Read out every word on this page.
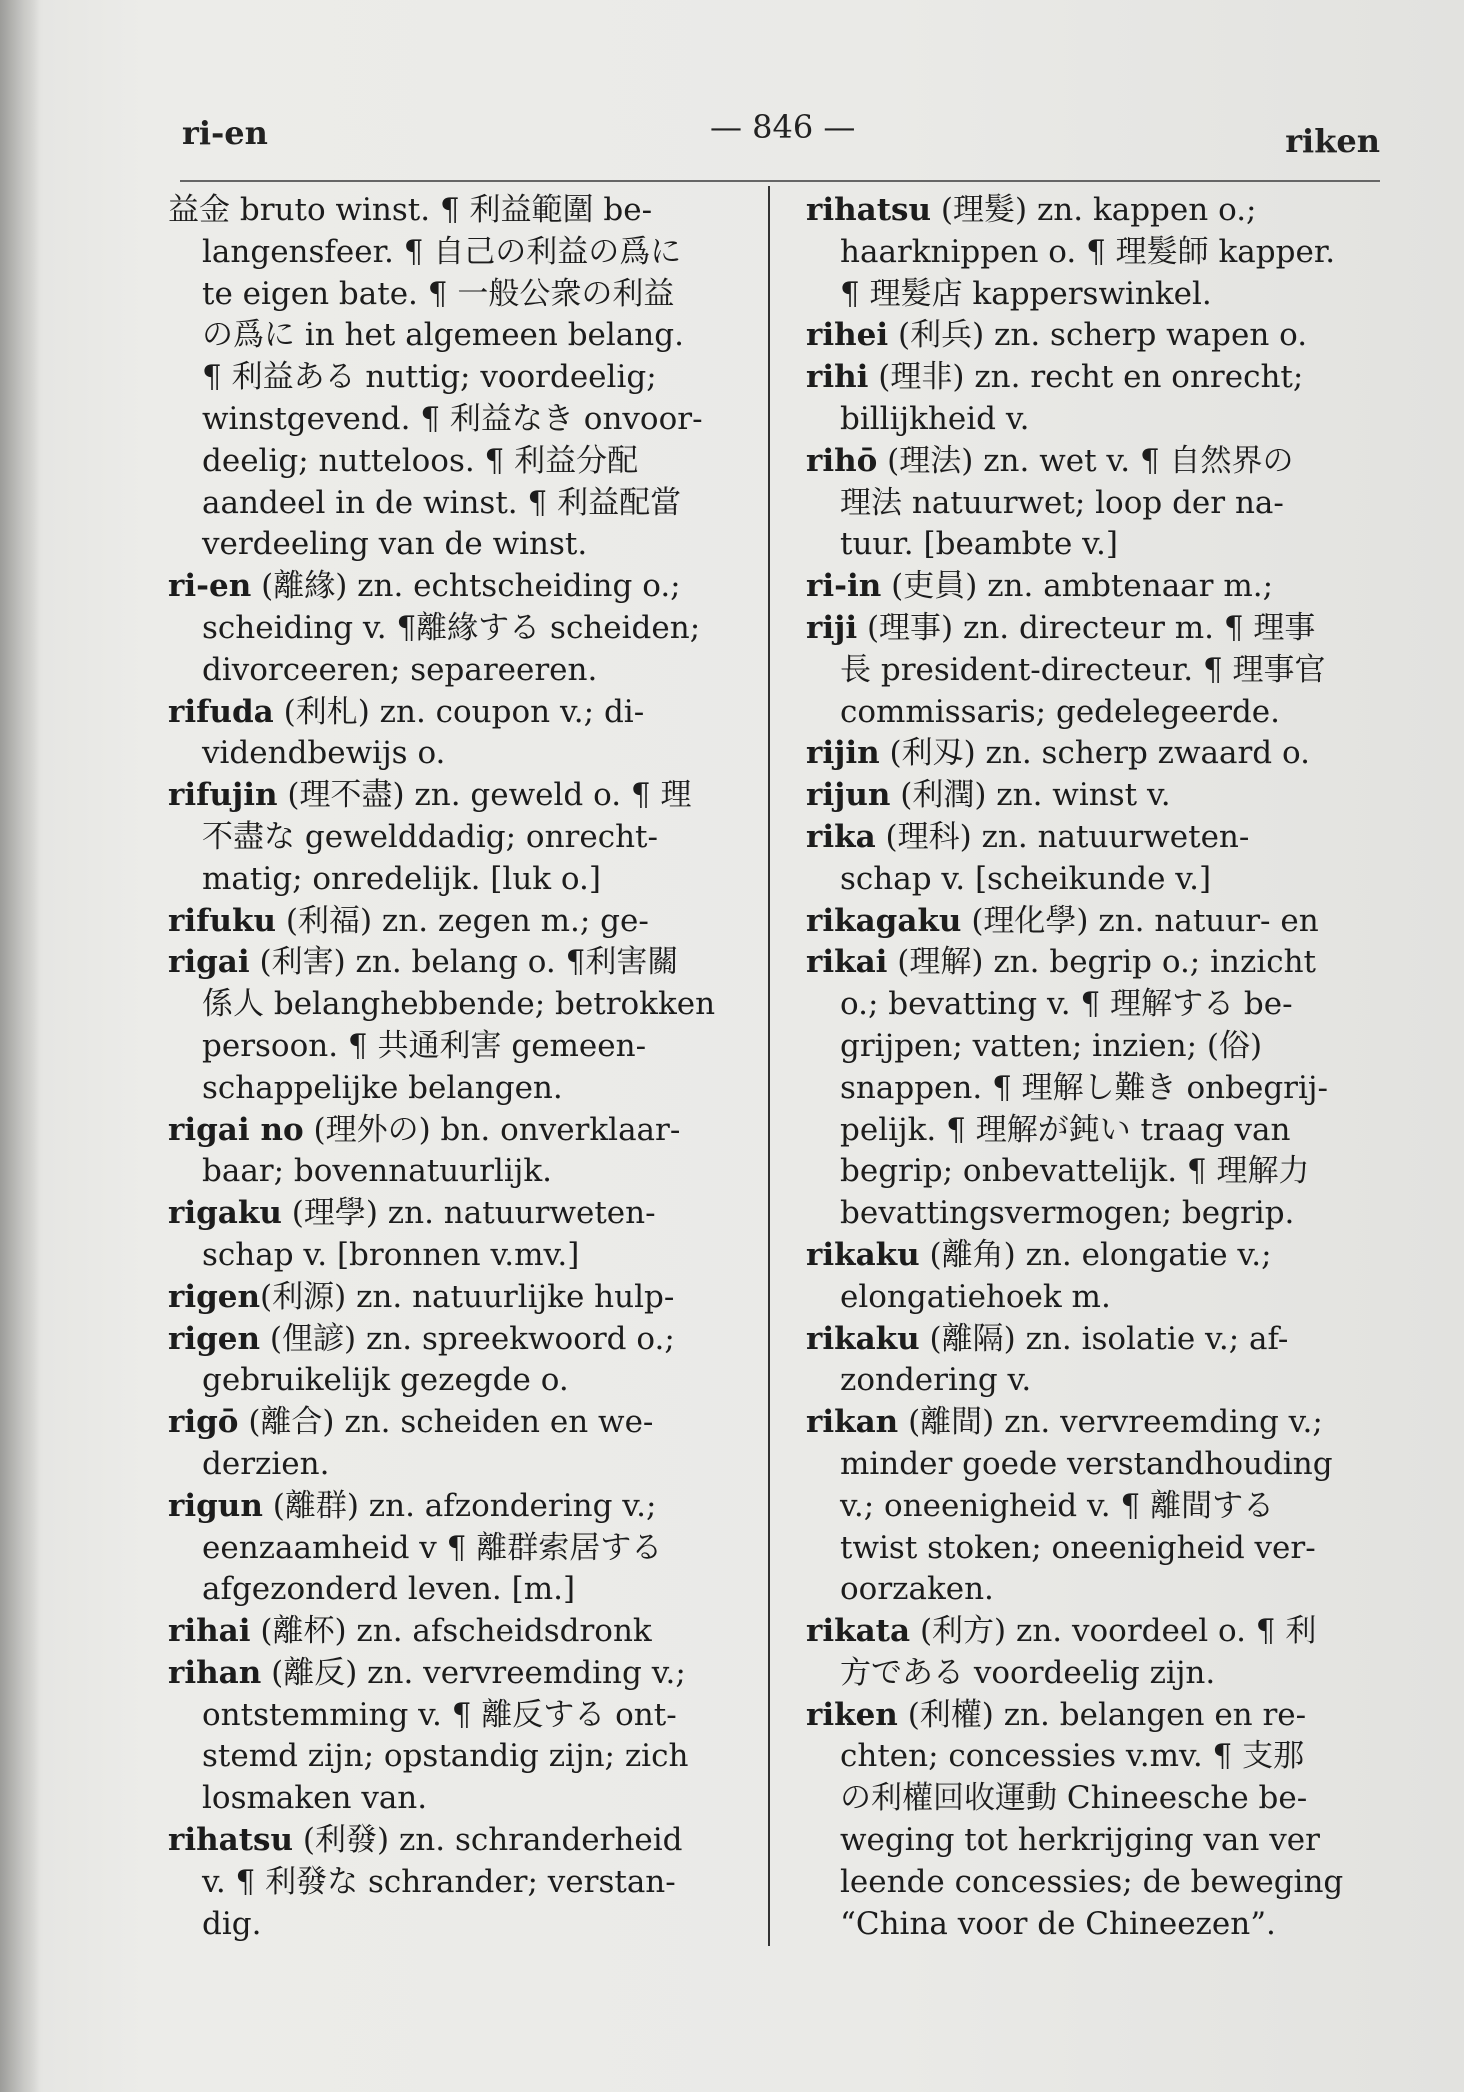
ri-en	— 846 —	riken
益金 bruto winst. ¶ 利益範圍 be-
langensfeer. ¶ 自己の利益の爲に
te eigen bate. ¶ 一般公衆の利益
の爲に in het algemeen belang.
¶ 利益ある nuttig; voordeelig;
winstgevend. ¶ 利益なき onvoor-
deelig; nutteloos. ¶ 利益分配
aandeel in de winst. ¶ 利益配當
verdeeling van de winst.
ri-en (離緣) zn. echtscheiding o.;
scheiding v. ¶離緣する scheiden;
divorceeren; separeeren.
rifuda (利札) zn. coupon v.; di-
videndbewijs o.
rifujin (理不盡) zn. geweld o. ¶ 理
不盡な gewelddadig; onrecht-
matig; onredelijk. [luk o.]
rifuku (利福) zn. zegen m.; ge-
rigai (利害) zn. belang o. ¶利害關
係人 belanghebbende; betrokken
persoon. ¶ 共通利害 gemeen-
schappelijke belangen.
rigai no (理外の) bn. onverklaar-
baar; bovennatuurlijk.
rigaku (理學) zn. natuurweten-
schap v. [bronnen v.mv.]
rigen(利源) zn. natuurlijke hulp-
rigen (俚諺) zn. spreekwoord o.;
gebruikelijk gezegde o.
rigō (離合) zn. scheiden en we-
derzien.
rigun (離群) zn. afzondering v.;
eenzaamheid v ¶ 離群索居する
afgezonderd leven. [m.]
rihai (離杯) zn. afscheidsdronk
rihan (離反) zn. vervreemding v.;
ontstemming v. ¶ 離反する ont-
stemd zijn; opstandig zijn; zich
losmaken van.
rihatsu (利發) zn. schranderheid
v. ¶ 利發な schrander; verstan-
dig.
rihatsu (理髮) zn. kappen o.;
haarknippen o. ¶ 理髮師 kapper.
¶ 理髮店 kapperswinkel.
rihei (利兵) zn. scherp wapen o.
rihi (理非) zn. recht en onrecht;
billijkheid v.
rihō (理法) zn. wet v. ¶ 自然界の
理法 natuurwet; loop der na-
tuur. [beambte v.]
ri-in (吏員) zn. ambtenaar m.;
riji (理事) zn. directeur m. ¶ 理事
長 president-directeur. ¶ 理事官
commissaris; gedelegeerde.
rijin (利刄) zn. scherp zwaard o.
rijun (利潤) zn. winst v.
rika (理科) zn. natuurweten-
schap v. [scheikunde v.]
rikagaku (理化學) zn. natuur- en
rikai (理解) zn. begrip o.; inzicht
o.; bevatting v. ¶ 理解する be-
grijpen; vatten; inzien; (俗)
snappen. ¶ 理解し難き onbegrij-
pelijk. ¶ 理解が鈍い traag van
begrip; onbevattelijk. ¶ 理解力
bevattingsvermogen; begrip.
rikaku (離角) zn. elongatie v.;
elongatiehoek m.
rikaku (離隔) zn. isolatie v.; af-
zondering v.
rikan (離間) zn. vervreemding v.;
minder goede verstandhouding
v.; oneenigheid v. ¶ 離間する
twist stoken; oneenigheid ver-
oorzaken.
rikata (利方) zn. voordeel o. ¶ 利
方である voordeelig zijn.
riken (利權) zn. belangen en re-
chten; concessies v.mv. ¶ 支那
の利權回收運動 Chineesche be-
weging tot herkrijging van ver
leende concessies; de beweging
“China voor de Chineezen”.
